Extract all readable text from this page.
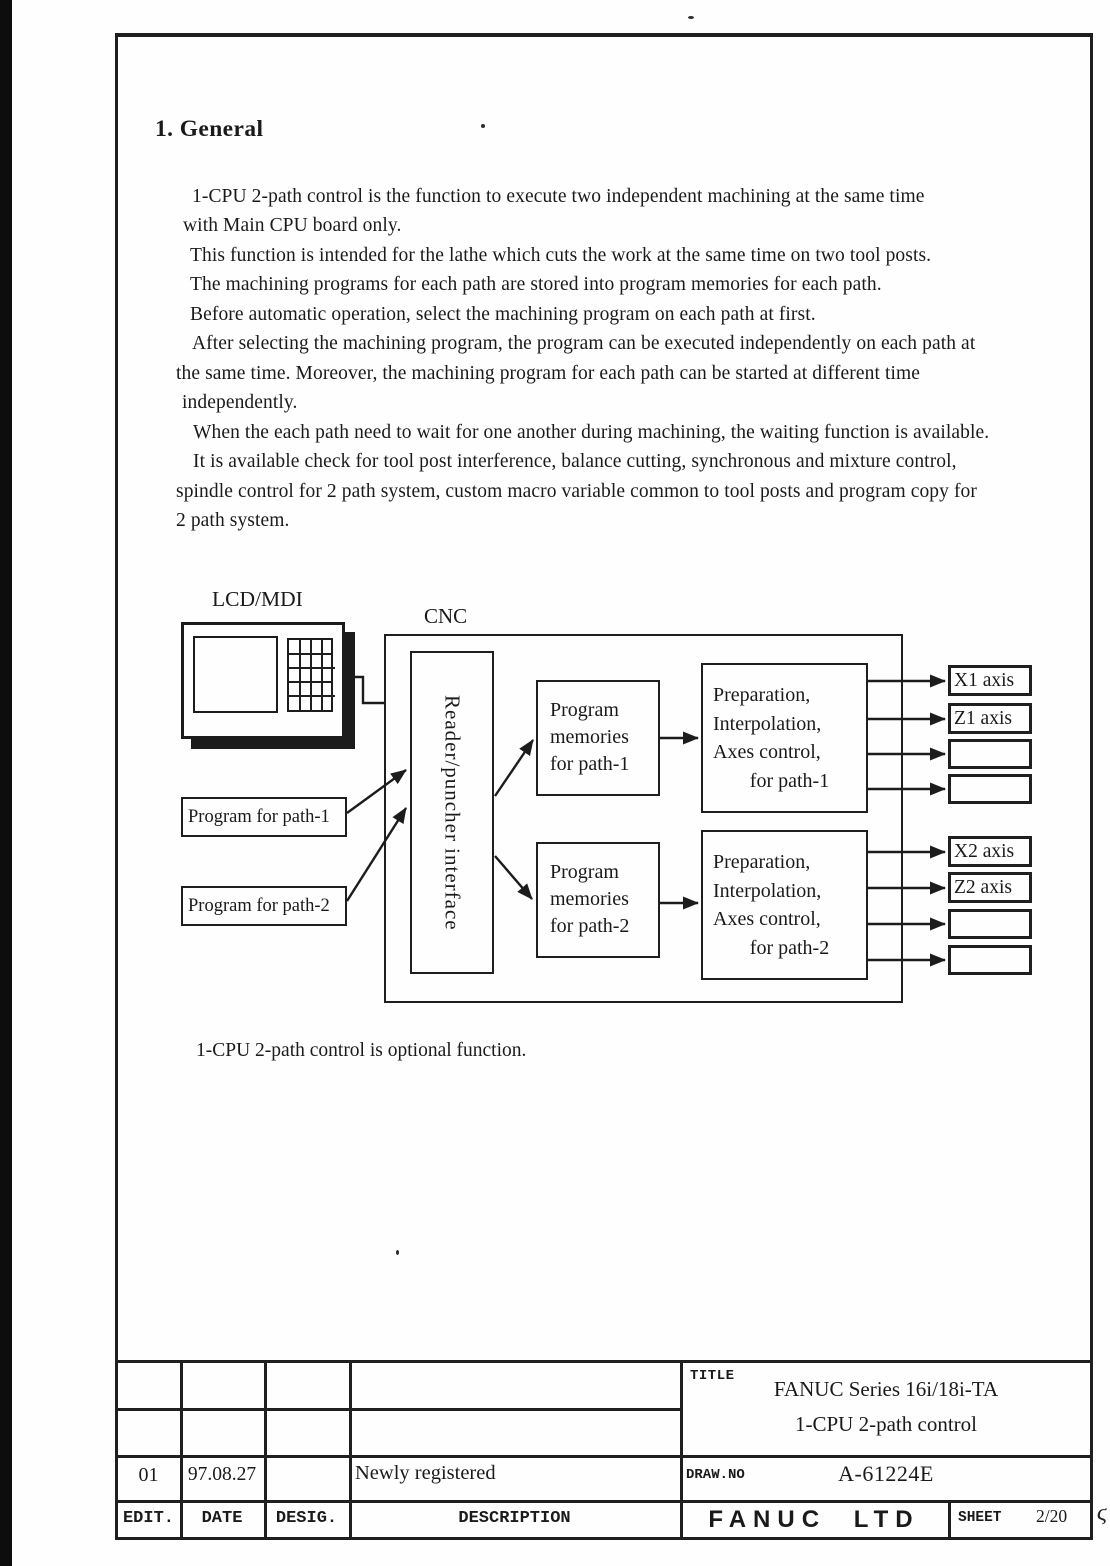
1. General
1-CPU 2-path control is the function to execute two independent machining at the same time
with Main CPU board only.
This function is intended for the lathe which cuts the work at the same time on two tool posts.
The machining programs for each path are stored into program memories for each path.
Before automatic operation, select the machining program on each path at first.
After selecting the machining program, the program can be executed independently on each path at
the same time. Moreover, the machining program for each path can be started at different time
independently.
When the each path need to wait for one another during machining, the waiting function is available.
It is available check for tool post interference, balance cutting, synchronous and mixture control,
spindle control for 2 path system, custom macro variable common to tool posts and program copy for
2 path system.
LCD/MDI
CNC
Reader/puncher interface	Program
memories
for path-1
Program
memories
for path-2
Preparation,
Interpolation,
Axes control,
for path-1
Preparation,
Interpolation,
Axes control,
for path-2
Program for path-1
Program for path-2
X1 axis
Z1 axis
X2 axis
Z2 axis
1-CPU 2-path control is optional function.
01	97.08.27	Newly registered
EDIT.	DATE	DESIG.	DESCRIPTION
TITLE
FANUC Series 16i/18i-TA
1-CPU 2-path control
DRAW.NO	A-61224E
FANUC LTD	SHEET 2/20 ϛ
